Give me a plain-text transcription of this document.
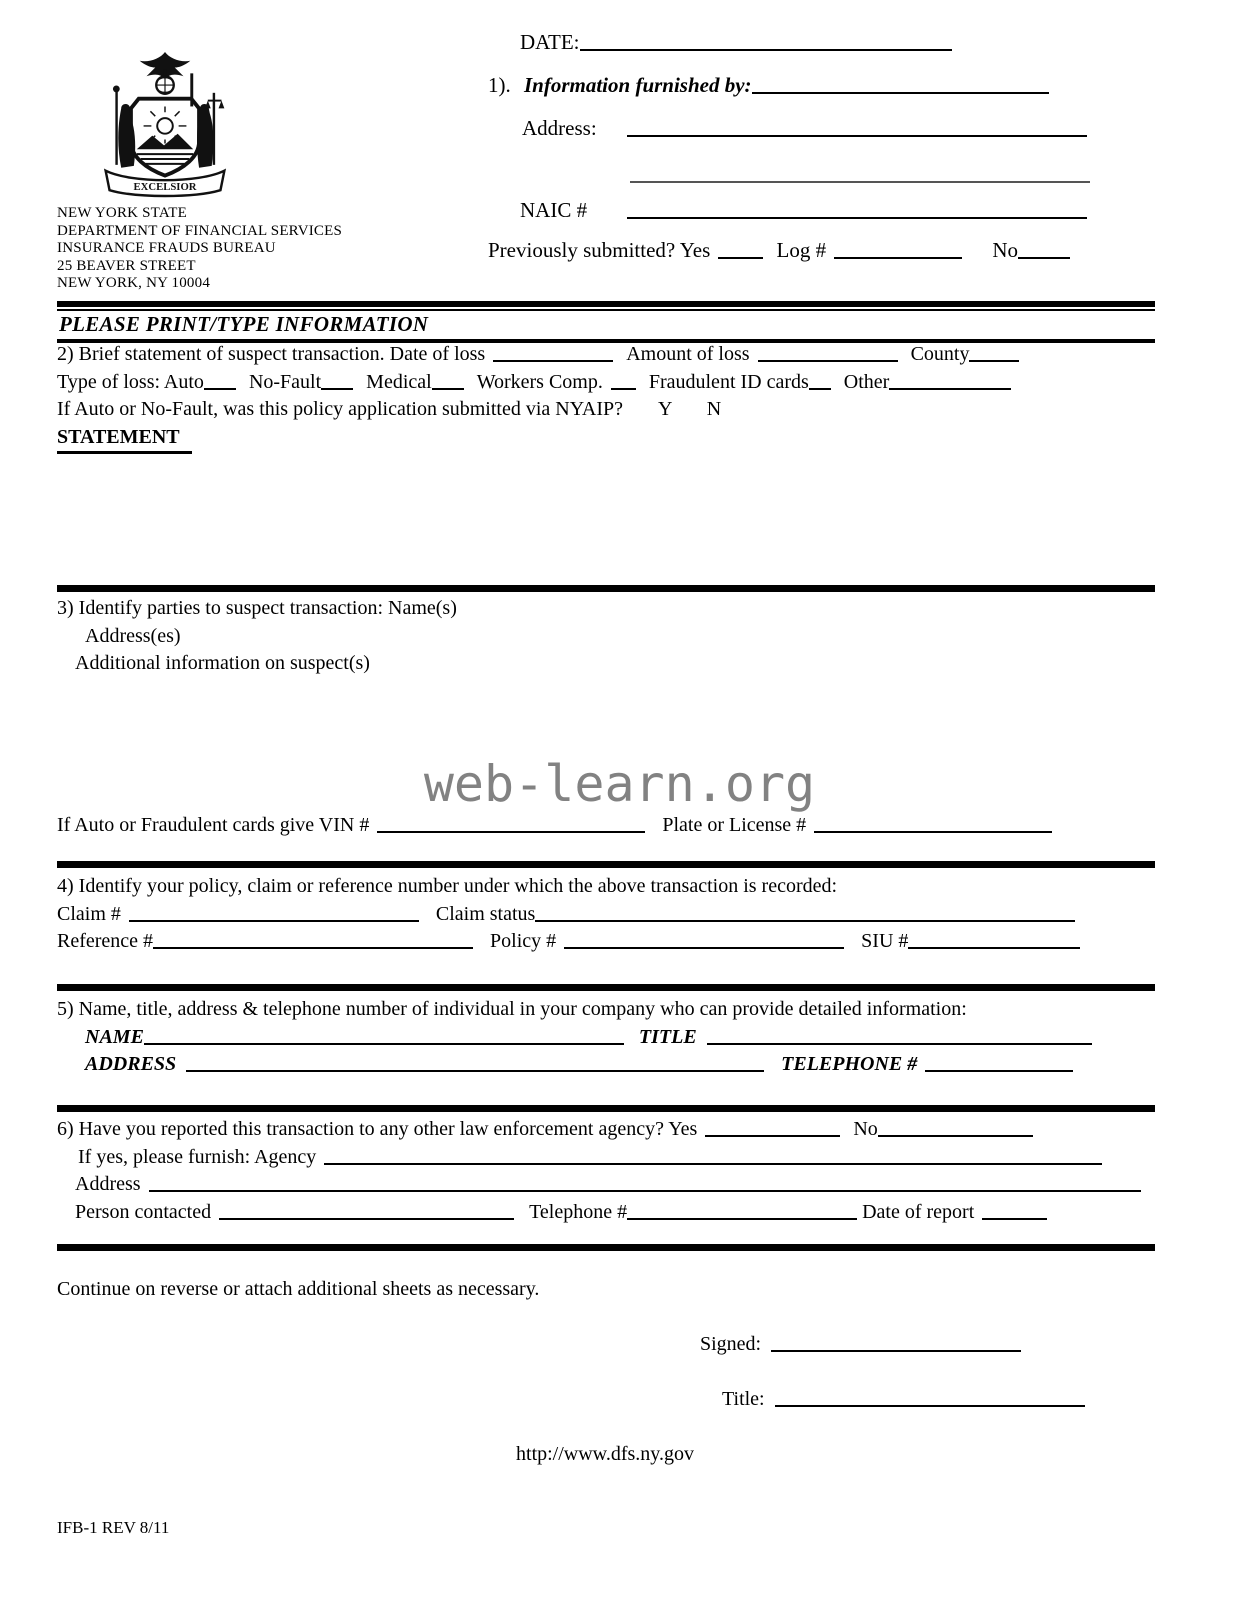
EXCELSIOR
NEW YORK STATE
DEPARTMENT OF FINANCIAL SERVICES
INSURANCE FRAUDS BUREAU
25 BEAVER STREET
NEW YORK, NY 10004
DATE:
1). Information furnished by:
Address:
NAIC #
Previously submitted? Yes	Log #	No
PLEASE PRINT/TYPE INFORMATION
2) Brief statement of suspect transaction. Date of loss	Amount of loss	County
Type of loss: Auto No-Fault Medical Workers Comp. Fraudulent ID cards Other
If Auto or No-Fault, was this policy application submitted via NYAIP? Y N
STATEMENT
3) Identify parties to suspect transaction: Name(s)
Address(es)
Additional information on suspect(s)
web-learn.org
If Auto or Fraudulent cards give VIN #	Plate or License #
4) Identify your policy, claim or reference number under which the above transaction is recorded:
Claim #	Claim status
Reference #	Policy #	SIU #
5) Name, title, address & telephone number of individual in your company who can provide detailed information:
NAME	TITLE
ADDRESS	TELEPHONE #
6) Have you reported this transaction to any other law enforcement agency? Yes	No
If yes, please furnish: Agency
Address
Person contacted	Telephone #	Date of report
Continue on reverse or attach additional sheets as necessary.
Signed:
Title:
http://www.dfs.ny.gov
IFB-1 REV 8/11
